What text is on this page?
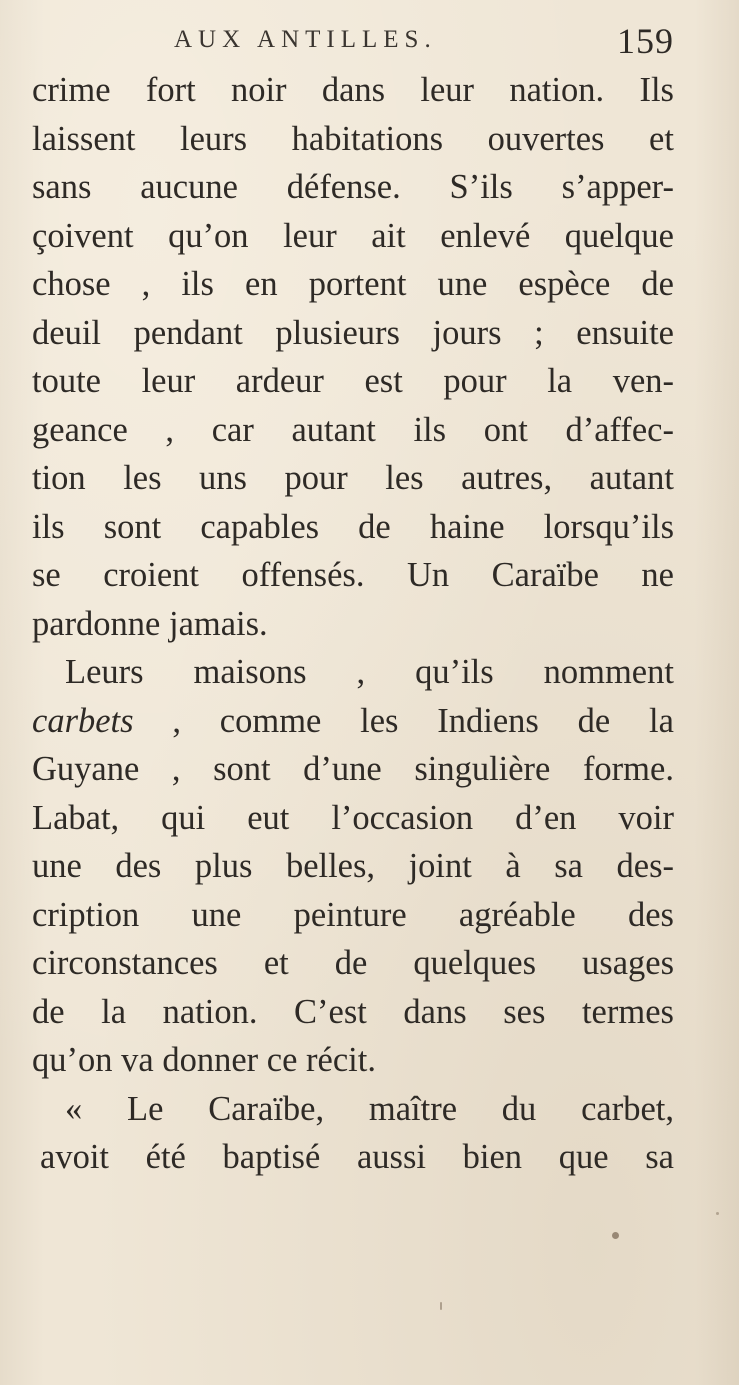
AUX ANTILLES.	159
crime fort noir dans leur nation. Ils
laissent leurs habitations ouvertes et
sans aucune défense. S’ils s’apper-
çoivent qu’on leur ait enlevé quelque
chose , ils en portent une espèce de
deuil pendant plusieurs jours ; ensuite
toute leur ardeur est pour la ven-
geance , car autant ils ont d’affec-
tion les uns pour les autres, autant
ils sont capables de haine lorsqu’ils
se croient offensés. Un Caraïbe ne
pardonne jamais.
Leurs maisons , qu’ils nomment
carbets , comme les Indiens de la
Guyane , sont d’une singulière forme.
Labat, qui eut l’occasion d’en voir
une des plus belles, joint à sa des-
cription une peinture agréable des
circonstances et de quelques usages
de la nation. C’est dans ses termes
qu’on va donner ce récit.
« Le Caraïbe, maître du carbet,
avoit été baptisé aussi bien que sa
